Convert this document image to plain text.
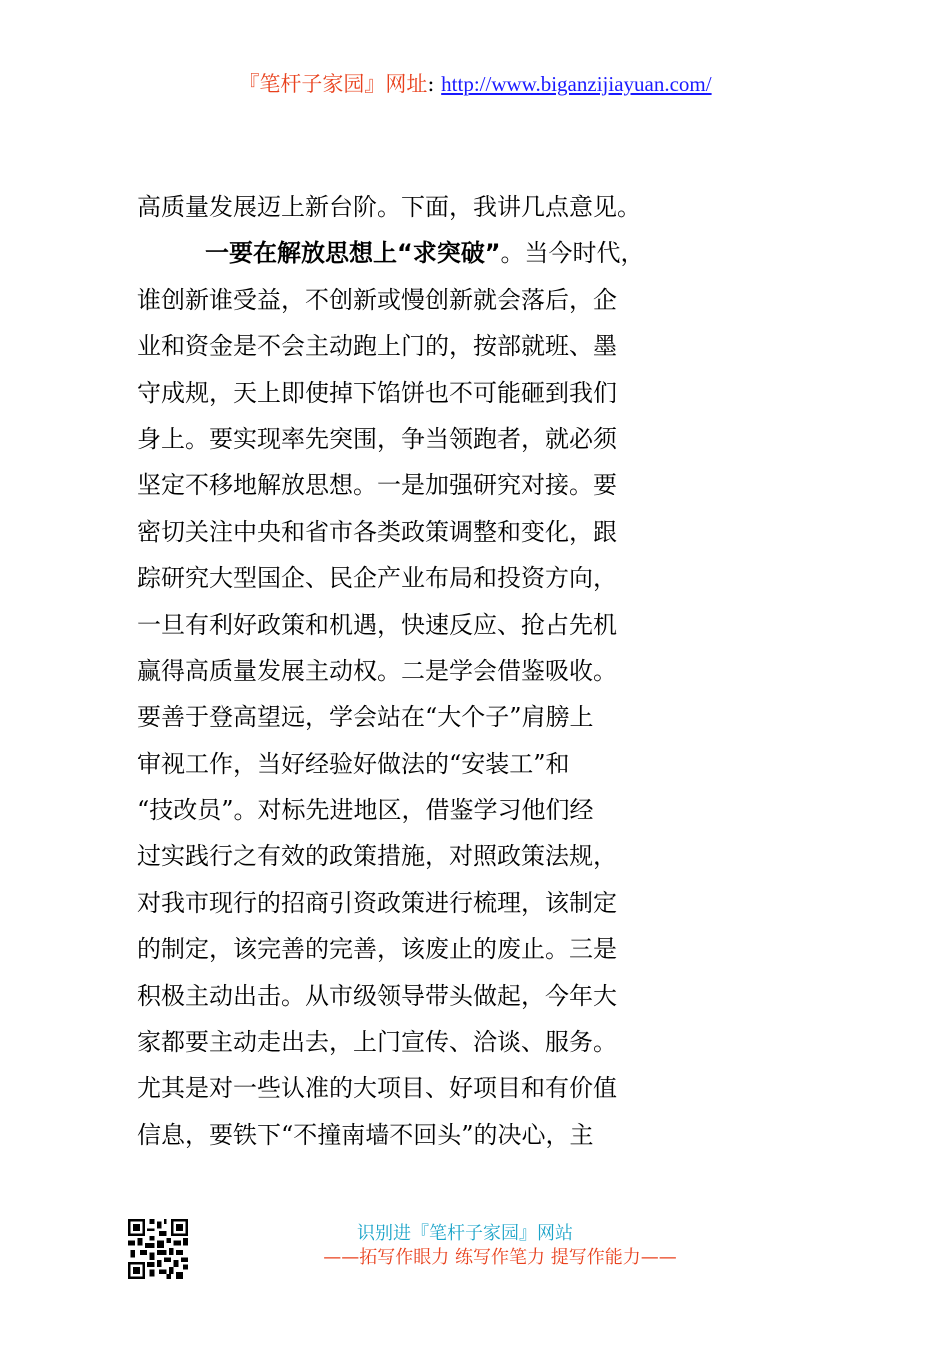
『笔杆子家园』网址: http://www.biganzijiayuan.com/
高质量发展迈上新台阶。下面，我讲几点意见。
一要在解放思想上“求突破”。当今时代，
谁创新谁受益，不创新或慢创新就会落后，企
业和资金是不会主动跑上门的，按部就班、墨
守成规，天上即使掉下馅饼也不可能砸到我们
身上。要实现率先突围，争当领跑者，就必须
坚定不移地解放思想。一是加强研究对接。要
密切关注中央和省市各类政策调整和变化，跟
踪研究大型国企、民企产业布局和投资方向，
一旦有利好政策和机遇，快速反应、抢占先机
赢得高质量发展主动权。二是学会借鉴吸收。
要善于登高望远，学会站在“大个子”肩膀上
审视工作，当好经验好做法的“安装工”和
“技改员”。对标先进地区，借鉴学习他们经
过实践行之有效的政策措施，对照政策法规，
对我市现行的招商引资政策进行梳理，该制定
的制定，该完善的完善，该废止的废止。三是
积极主动出击。从市级领导带头做起，今年大
家都要主动走出去，上门宣传、洽谈、服务。
尤其是对一些认准的大项目、好项目和有价值
信息，要铁下“不撞南墙不回头”的决心，主
识别进『笔杆子家园』网站
——拓写作眼力 练写作笔力 提写作能力——
